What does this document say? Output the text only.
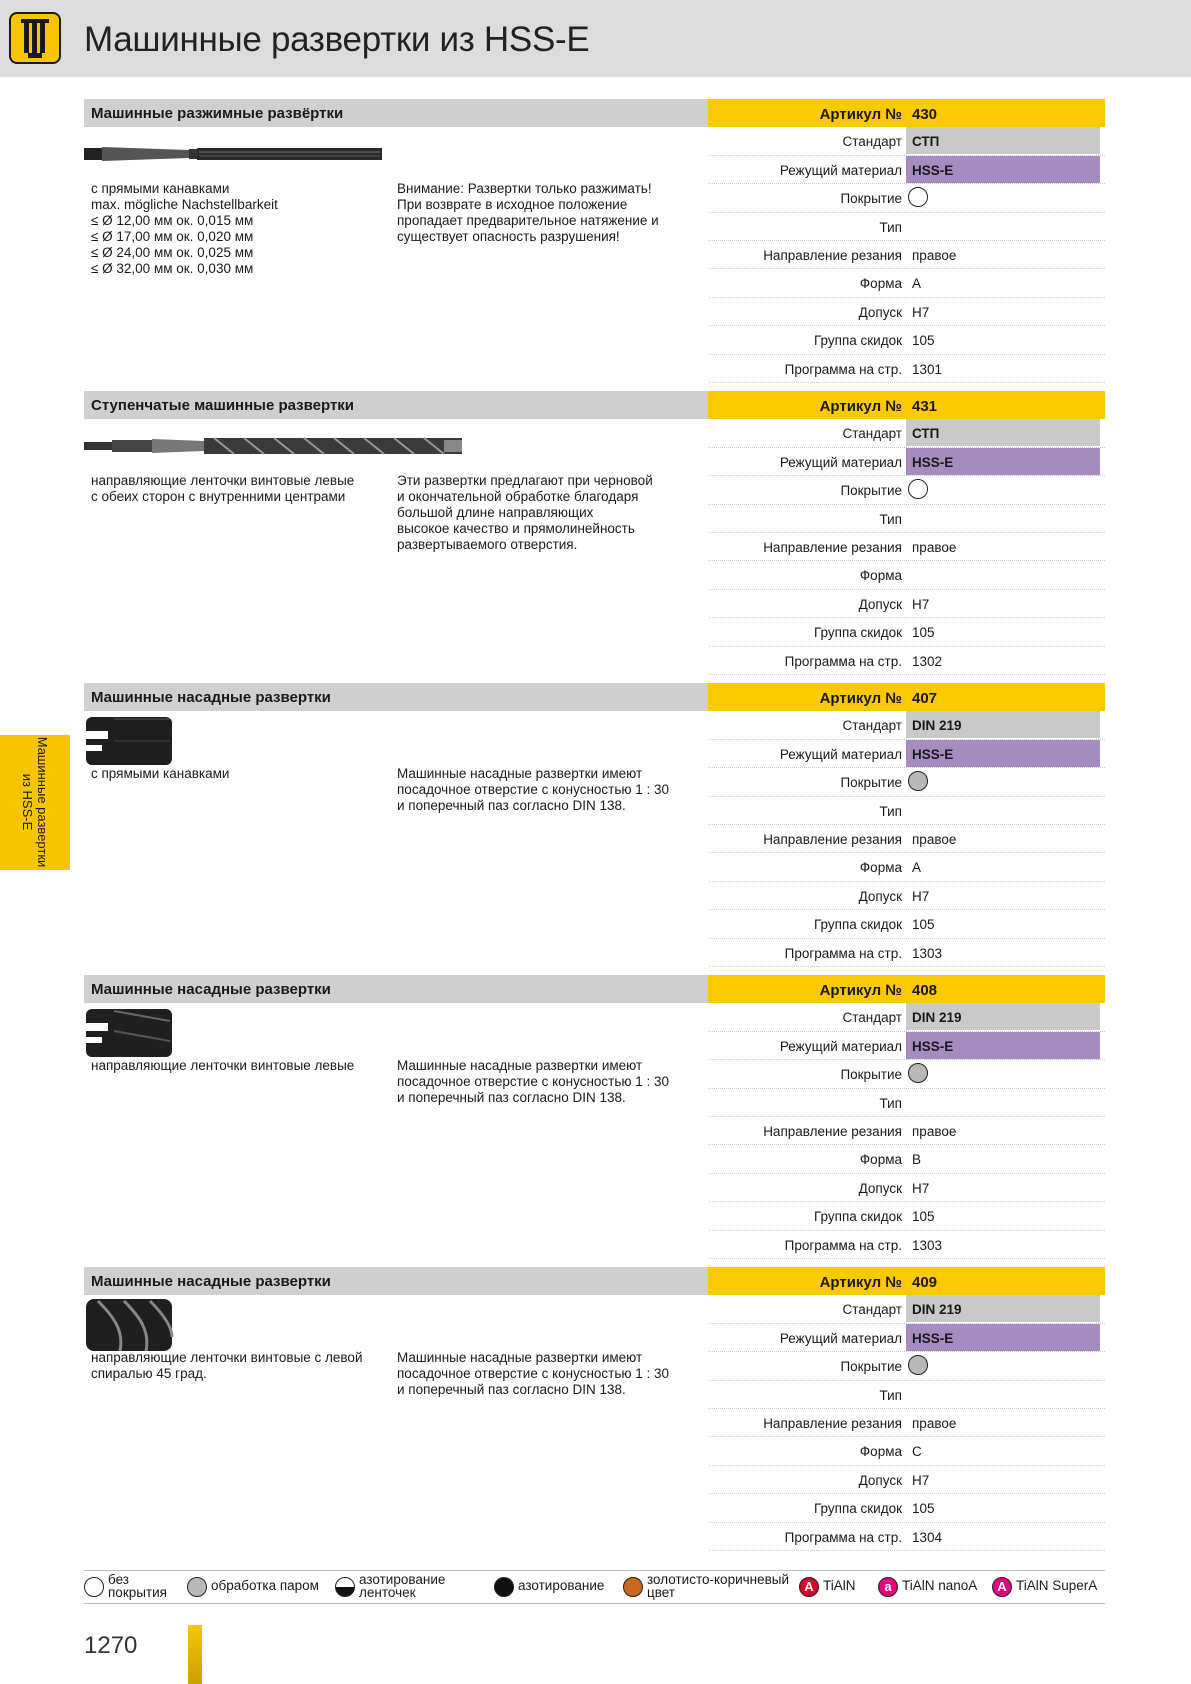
Машинные развертки из HSS-E
Машинные развертки из HSS-E
Машинные разжимные развёртки
с прямыми канавками
max. mögliche Nachstellbarkeit
≤ Ø 12,00 мм ок. 0,015 мм
≤ Ø 17,00 мм ок. 0,020 мм
≤ Ø 24,00 мм ок. 0,025 мм
≤ Ø 32,00 мм ок. 0,030 мм
Внимание: Развертки только разжимать!
При возврате в исходное положение
пропадает предварительное натяжение и
существует опасность разрушения!
Артикул № 430
Стандарт СТП
Режущий материал HSS-E
Покрытие
Тип
Направление резания правое
Форма A
Допуск H7
Группа скидок 105
Программа на стр. 1301
Ступенчатые машинные развертки
направляющие ленточки винтовые левые
с обеих сторон с внутренними центрами
Эти развертки предлагают при черновой
и окончательной обработке благодаря
большой длине направляющих
высокое качество и прямолинейность
развертываемого отверстия.
Артикул № 431
Стандарт СТП
Режущий материал HSS-E
Покрытие
Тип
Направление резания правое
Форма
Допуск H7
Группа скидок 105
Программа на стр. 1302
Машинные насадные развертки
с прямыми канавками	Машинные насадные развертки имеют
посадочное отверстие с конусностью 1 : 30
и поперечный паз согласно DIN 138.
Артикул № 407
Стандарт DIN 219
Режущий материал HSS-E
Покрытие
Тип
Направление резания правое
Форма A
Допуск H7
Группа скидок 105
Программа на стр. 1303
Машинные насадные развертки
направляющие ленточки винтовые левые	Машинные насадные развертки имеют
посадочное отверстие с конусностью 1 : 30
и поперечный паз согласно DIN 138.
Артикул № 408
Стандарт DIN 219
Режущий материал HSS-E
Покрытие
Тип
Направление резания правое
Форма B
Допуск H7
Группа скидок 105
Программа на стр. 1303
Машинные насадные развертки
направляющие ленточки винтовые с левой
спиралью 45 град.
Машинные насадные развертки имеют
посадочное отверстие с конусностью 1 : 30
и поперечный паз согласно DIN 138.
Артикул № 409
Стандарт DIN 219
Режущий материал HSS-E
Покрытие
Тип
Направление резания правое
Форма C
Допуск H7
Группа скидок 105
Программа на стр. 1304
без
покрытия	обработка паром	азотирование
ленточек	азотирование	золотисто-коричневый
цвет	A TiAlN	a TiAlN nanoA	A TiAlN SuperA
1270
